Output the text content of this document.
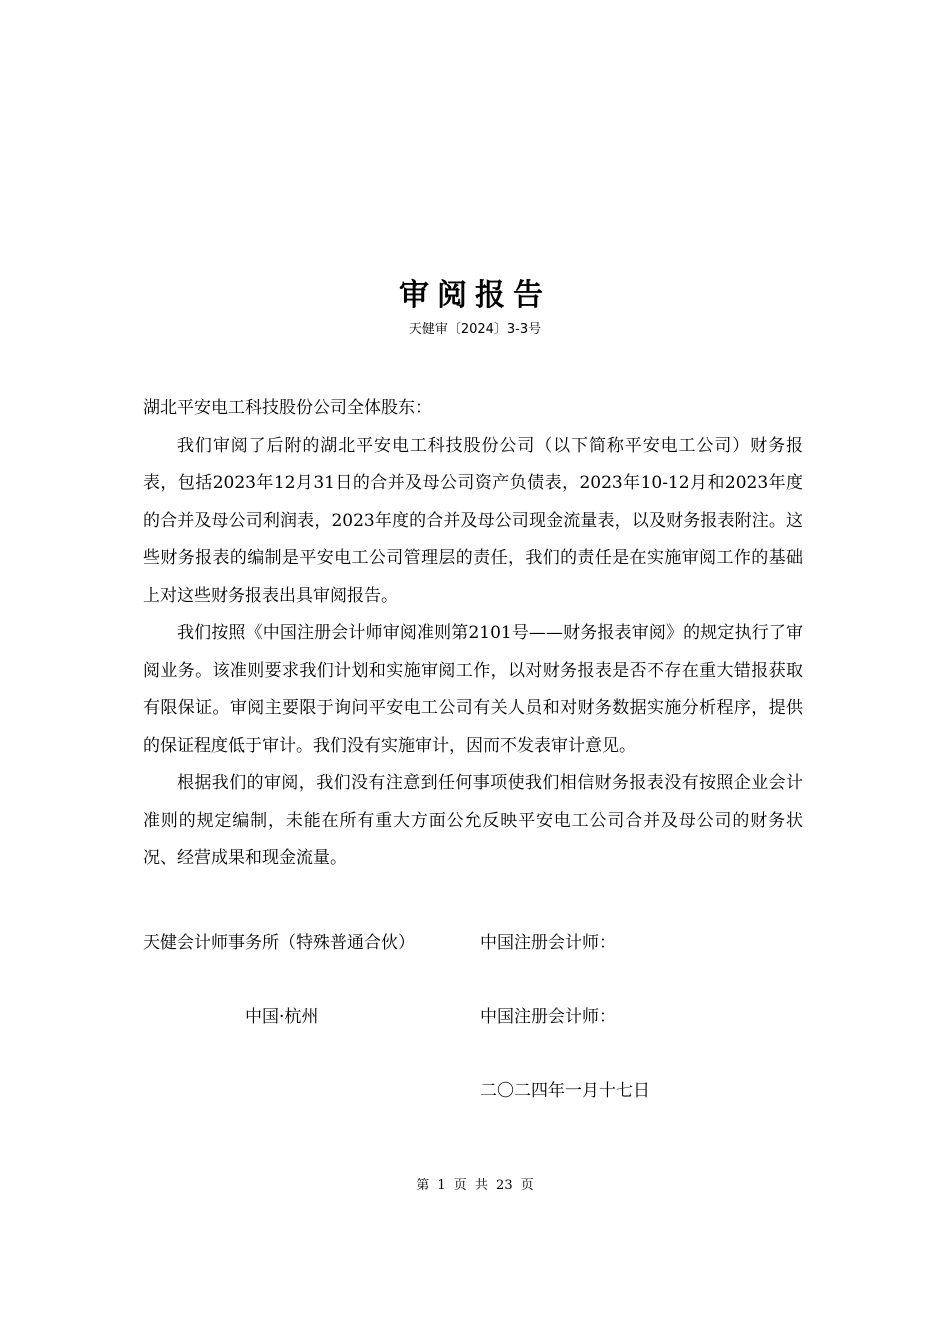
审阅报告
天健审〔2024〕3-3号

湖北平安电工科技股份公司全体股东：

我们审阅了后附的湖北平安电工科技股份公司（以下简称平安电工公司）财务报表，包括2023年12月31日的合并及母公司资产负债表，2023年10-12月和2023年度的合并及母公司利润表，2023年度的合并及母公司现金流量表，以及财务报表附注。这些财务报表的编制是平安电工公司管理层的责任，我们的责任是在实施审阅工作的基础上对这些财务报表出具审阅报告。

我们按照《中国注册会计师审阅准则第2101号——财务报表审阅》的规定执行了审阅业务。该准则要求我们计划和实施审阅工作，以对财务报表是否不存在重大错报获取有限保证。审阅主要限于询问平安电工公司有关人员和对财务数据实施分析程序，提供的保证程度低于审计。我们没有实施审计，因而不发表审计意见。

根据我们的审阅，我们没有注意到任何事项使我们相信财务报表没有按照企业会计准则的规定编制，未能在所有重大方面公允反映平安电工公司合并及母公司的财务状况、经营成果和现金流量。

天健会计师事务所（特殊普通合伙）	中国注册会计师：
中国·杭州	中国注册会计师：
二〇二四年一月十七日
第 1 页 共 23 页
